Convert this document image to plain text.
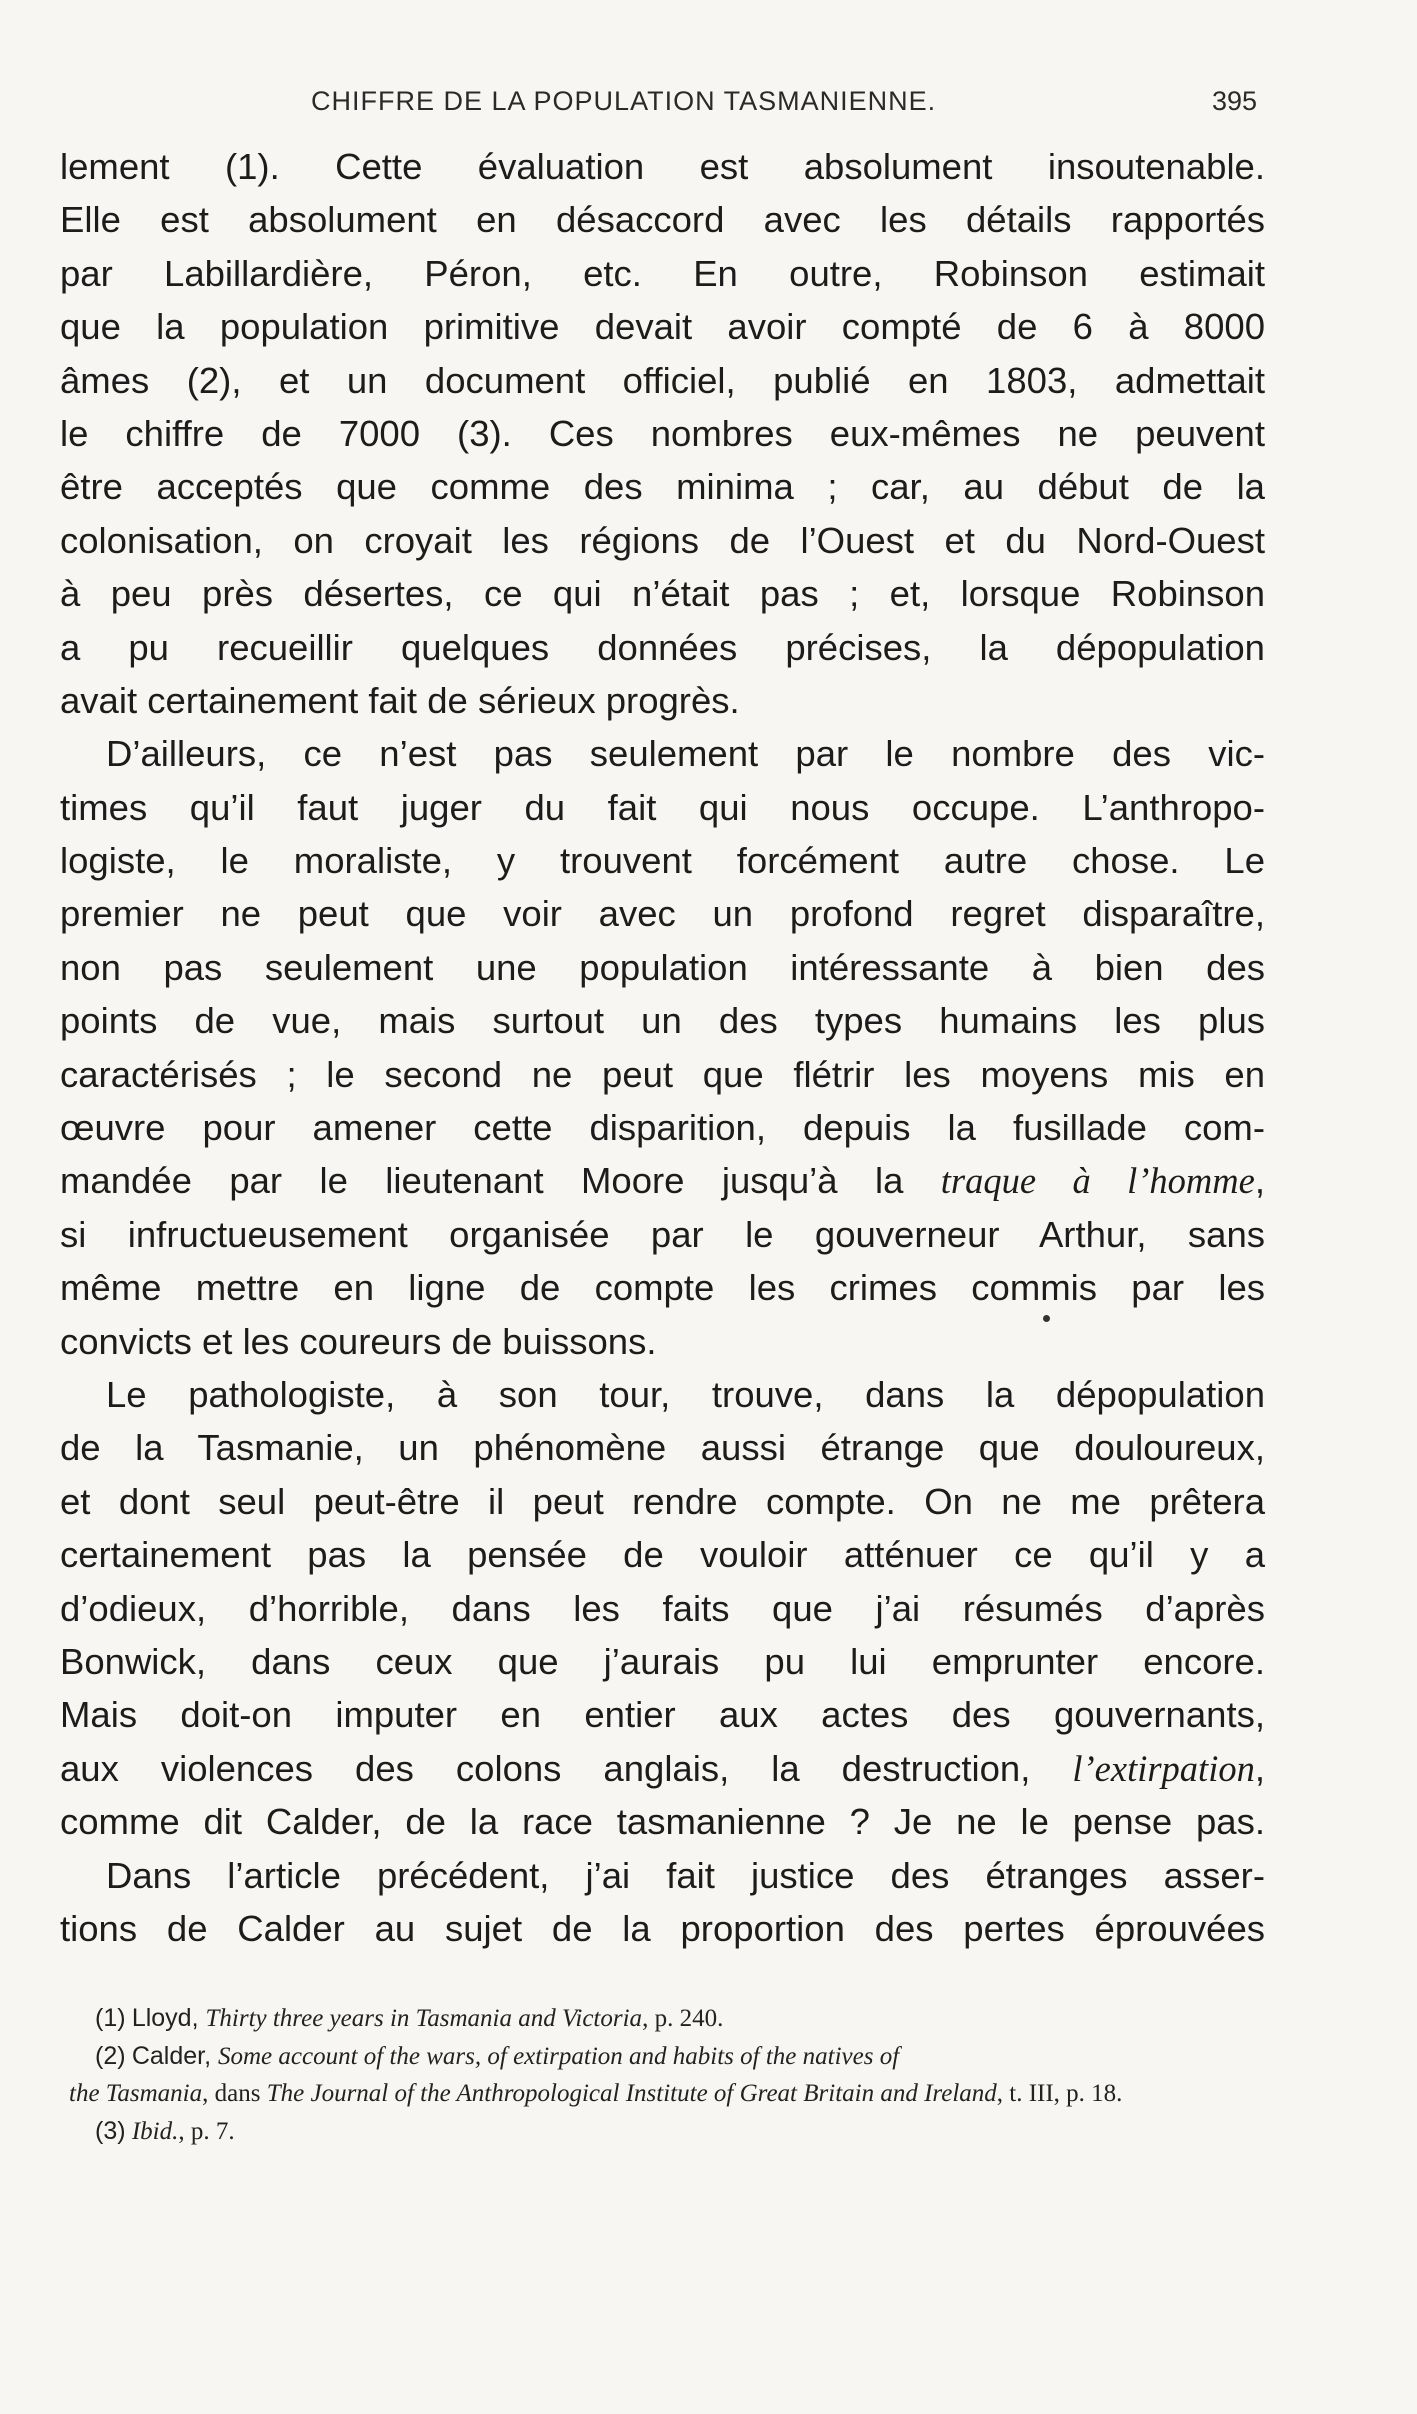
CHIFFRE DE LA POPULATION TASMANIENNE.	395
lement (1). Cette évaluation est absolument insoutenable.
Elle est absolument en désaccord avec les détails rapportés
par Labillardière, Péron, etc. En outre, Robinson estimait
que la population primitive devait avoir compté de 6 à 8000
âmes (2), et un document officiel, publié en 1803, admettait
le chiffre de 7000 (3). Ces nombres eux-mêmes ne peuvent
être acceptés que comme des minima ; car, au début de la
colonisation, on croyait les régions de l’Ouest et du Nord-Ouest
à peu près désertes, ce qui n’était pas ; et, lorsque Robinson
a pu recueillir quelques données précises, la dépopulation
avait certainement fait de sérieux progrès.
D’ailleurs, ce n’est pas seulement par le nombre des vic-
times qu’il faut juger du fait qui nous occupe. L’anthropo-
logiste, le moraliste, y trouvent forcément autre chose. Le
premier ne peut que voir avec un profond regret disparaître,
non pas seulement une population intéressante à bien des
points de vue, mais surtout un des types humains les plus
caractérisés ; le second ne peut que flétrir les moyens mis en
œuvre pour amener cette disparition, depuis la fusillade com-
mandée par le lieutenant Moore jusqu’à la traque à l’homme,
si infructueusement organisée par le gouverneur Arthur, sans
même mettre en ligne de compte les crimes commis par les
convicts et les coureurs de buissons.
Le pathologiste, à son tour, trouve, dans la dépopulation
de la Tasmanie, un phénomène aussi étrange que douloureux,
et dont seul peut-être il peut rendre compte. On ne me prêtera
certainement pas la pensée de vouloir atténuer ce qu’il y a
d’odieux, d’horrible, dans les faits que j’ai résumés d’après
Bonwick, dans ceux que j’aurais pu lui emprunter encore.
Mais doit-on imputer en entier aux actes des gouvernants,
aux violences des colons anglais, la destruction, l’extirpation,
comme dit Calder, de la race tasmanienne ? Je ne le pense pas.
Dans l’article précédent, j’ai fait justice des étranges asser-
tions de Calder au sujet de la proportion des pertes éprouvées
(1) Lloyd, Thirty three years in Tasmania and Victoria, p. 240.
(2) Calder, Some account of the wars, of extirpation and habits of the natives of
the Tasmania, dans The Journal of the Anthropological Institute of Great Britain and Ireland, t. III, p. 18.
(3) Ibid., p. 7.
